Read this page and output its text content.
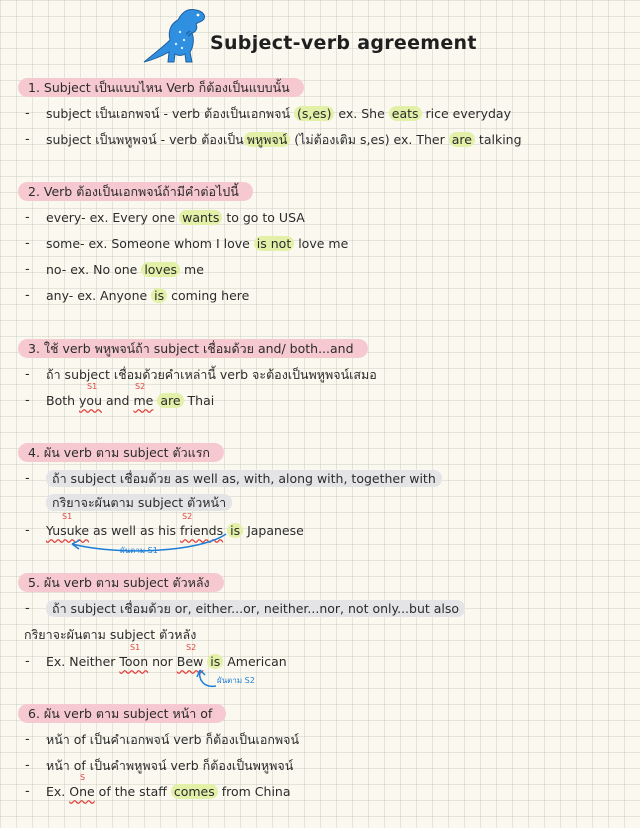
Subject-verb agreement
1. Subject เป็นแบบไหน Verb ก็ต้องเป็นแบบนั้น
- subject เป็นเอกพจน์ - verb ต้องเป็นเอกพจน์ (s,es) ex. She eats rice everyday
- subject เป็นพหูพจน์ - verb ต้องเป็น พหูพจน์ (ไม่ต้องเติม s,es) ex. Ther are talking
2. Verb ต้องเป็นเอกพจน์ถ้ามีคำต่อไปนี้
- every- ex. Every one wants to go to USA
- some- ex. Someone whom I love is not love me
- no- ex. No one loves me
- any- ex. Anyone is coming here
3. ใช้ verb พหูพจน์ถ้า subject เชื่อมด้วย and/ both...and
- ถ้า subject เชื่อมด้วยคำเหล่านี้ verb จะต้องเป็นพหูพจน์เสมอ
S1	S2
- Both you and me are Thai
4. ผัน verb ตาม subject ตัวแรก
-	ถ้า subject เชื่อมด้วย as well as, with, along with, together with
กริยาจะผันตาม subject ตัวหน้า
S1	S2
- Yusuke as well as his friends is Japanese
ผันตาม S1
5. ผัน verb ตาม subject ตัวหลัง
-	ถ้า subject เชื่อมด้วย or, either...or, neither...nor, not only...but also
กริยาจะผันตาม subject ตัวหลัง
S1	S2
- Ex. Neither Toon nor Bew is American
ผันตาม S2
6. ผัน verb ตาม subject หน้า of
- หน้า of เป็นคำเอกพจน์ verb ก็ต้องเป็นเอกพจน์
- หน้า of เป็นคำพหูพจน์ verb ก็ต้องเป็นพหูพจน์
S
- Ex. One of the staff comes from China
